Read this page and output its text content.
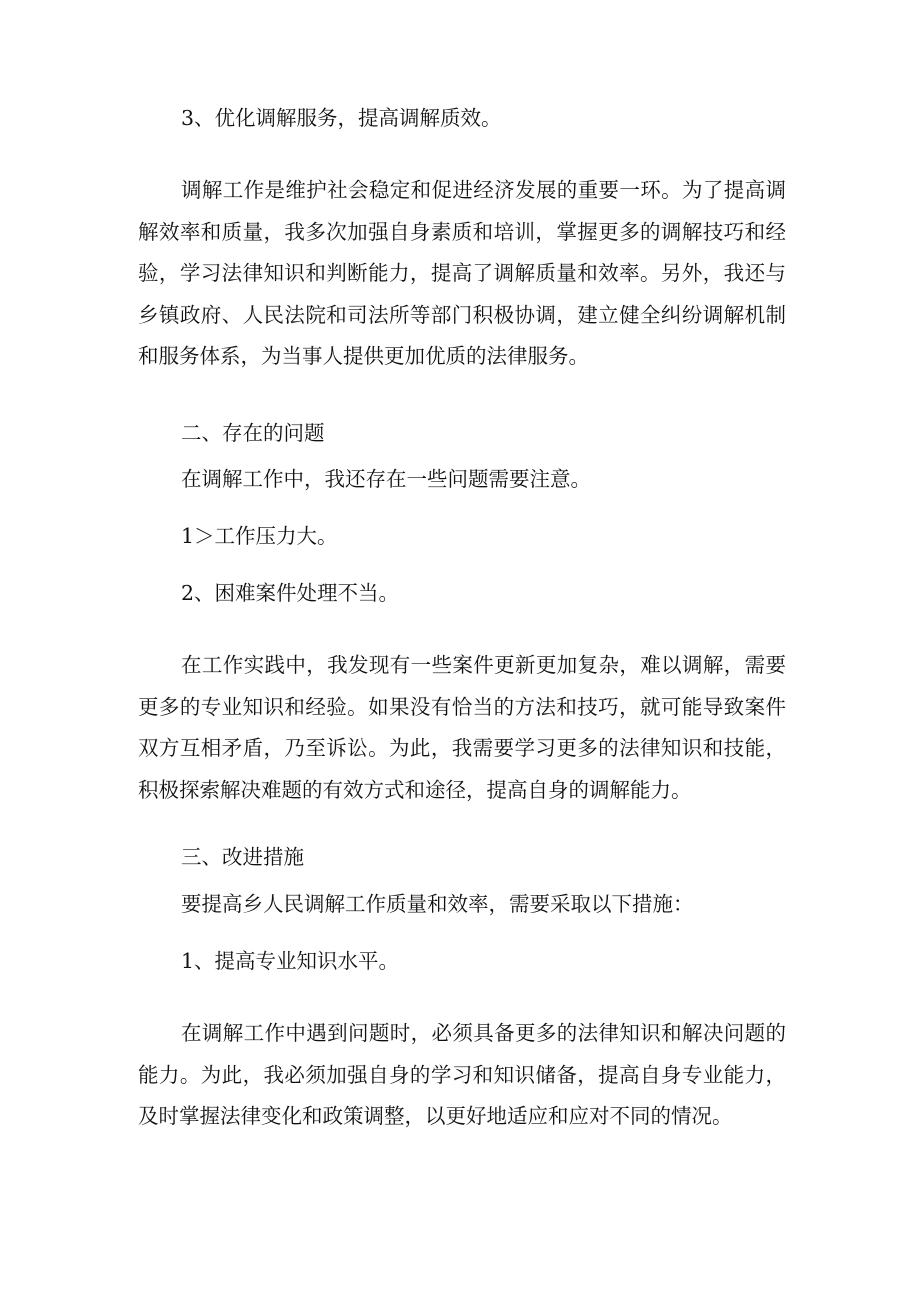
3、优化调解服务，提高调解质效。

调解工作是维护社会稳定和促进经济发展的重要一环。为了提高调解效率和质量，我多次加强自身素质和培训，掌握更多的调解技巧和经验，学习法律知识和判断能力，提高了调解质量和效率。另外，我还与乡镇政府、人民法院和司法所等部门积极协调，建立健全纠纷调解机制和服务体系，为当事人提供更加优质的法律服务。

二、存在的问题

在调解工作中，我还存在一些问题需要注意。

1＞工作压力大。

2、困难案件处理不当。

在工作实践中，我发现有一些案件更新更加复杂，难以调解，需要更多的专业知识和经验。如果没有恰当的方法和技巧，就可能导致案件双方互相矛盾，乃至诉讼。为此，我需要学习更多的法律知识和技能，积极探索解决难题的有效方式和途径，提高自身的调解能力。

三、改进措施

要提高乡人民调解工作质量和效率，需要采取以下措施：

1、提高专业知识水平。

在调解工作中遇到问题时，必须具备更多的法律知识和解决问题的能力。为此，我必须加强自身的学习和知识储备，提高自身专业能力，及时掌握法律变化和政策调整，以更好地适应和应对不同的情况。
